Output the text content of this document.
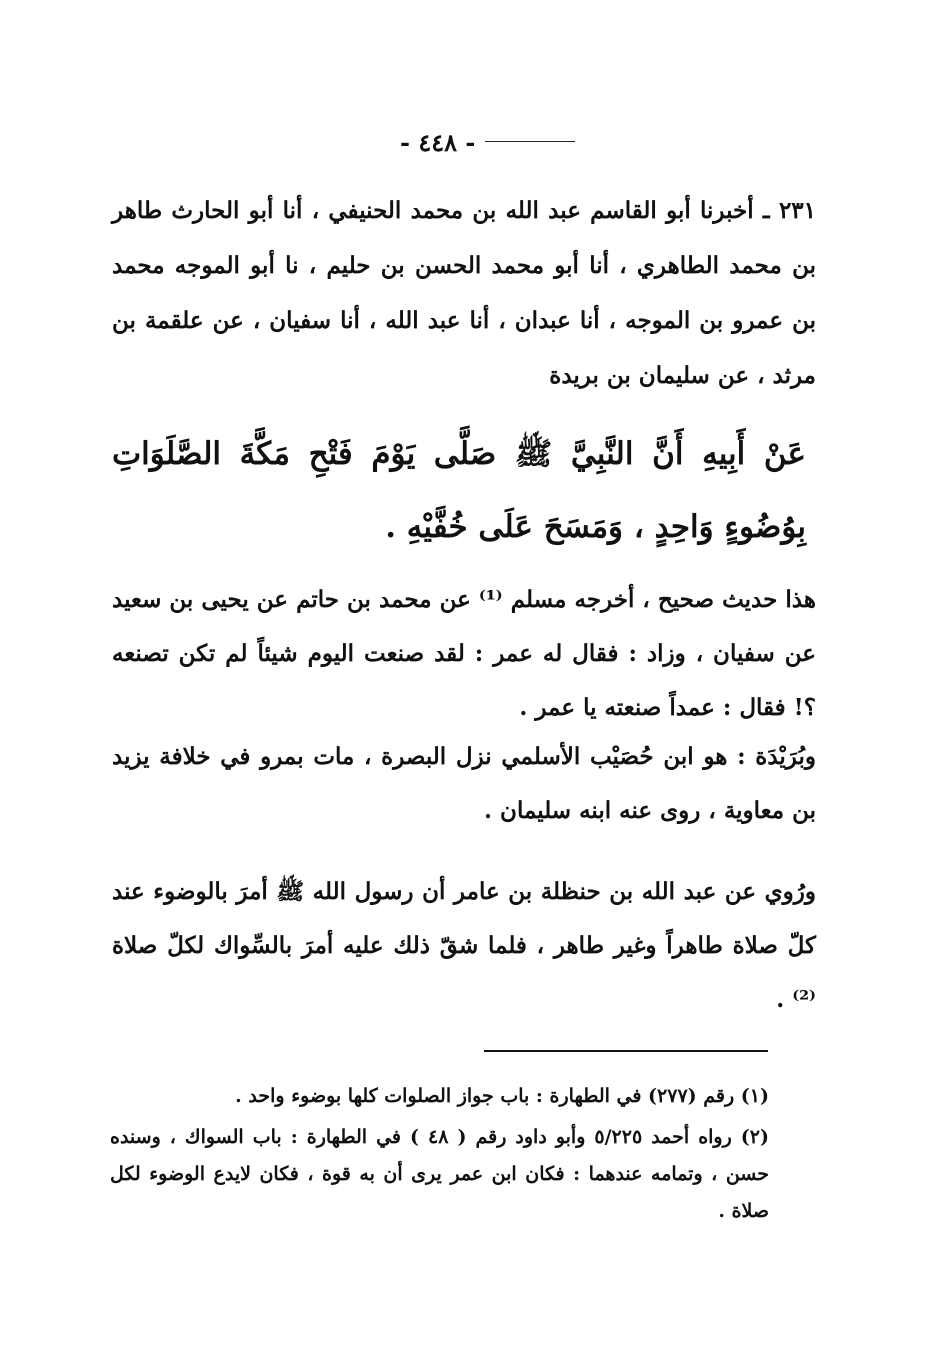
- ٤٤٨ -
٢٣١ ـ أخبرنا أبو القاسم عبد الله بن محمد الحنيفي ، أنا أبو الحارث طاهر بن محمد الطاهري ، أنا أبو محمد الحسن بن حليم ، نا أبو الموجه محمد بن عمرو بن الموجه ، أنا عبدان ، أنا عبد الله ، أنا سفيان ، عن علقمة بن مرثد ، عن سليمان بن بريدة
عَنْ أَبِيهِ أَنَّ النَّبِيَّ ﷺ صَلَّى يَوْمَ فَتْحِ مَكَّةَ الصَّلَوَاتِ بِوُضُوءٍ وَاحِدٍ ، وَمَسَحَ عَلَى خُفَّيْهِ .
هذا حديث صحيح ، أخرجه مسلم ⁽¹⁾ عن محمد بن حاتم عن يحيى بن سعيد عن سفيان ، وزاد : فقال له عمر : لقد صنعت اليوم شيئاً لم تكن تصنعه ؟! فقال : عمداً صنعته يا عمر .
وبُرَيْدَة : هو ابن حُصَيْب الأسلمي نزل البصرة ، مات بمرو في خلافة يزيد بن معاوية ، روى عنه ابنه سليمان .
ورُوي عن عبد الله بن حنظلة بن عامر أن رسول الله ﷺ أمرَ بالوضوء عند كلّ صلاة طاهراً وغير طاهر ، فلما شقّ ذلك عليه أمرَ بالسِّواك لكلّ صلاة ⁽²⁾ .

(١) رقم (٢٧٧) في الطهارة : باب جواز الصلوات كلها بوضوء واحد .

(٢) رواه أحمد ٥/٢٢٥ وأبو داود رقم ( ٤٨ ) في الطهارة : باب السواك ، وسنده حسن ، وتمامه عندهما : فكان ابن عمر يرى أن به قوة ، فكان لايدع الوضوء لكل صلاة .
